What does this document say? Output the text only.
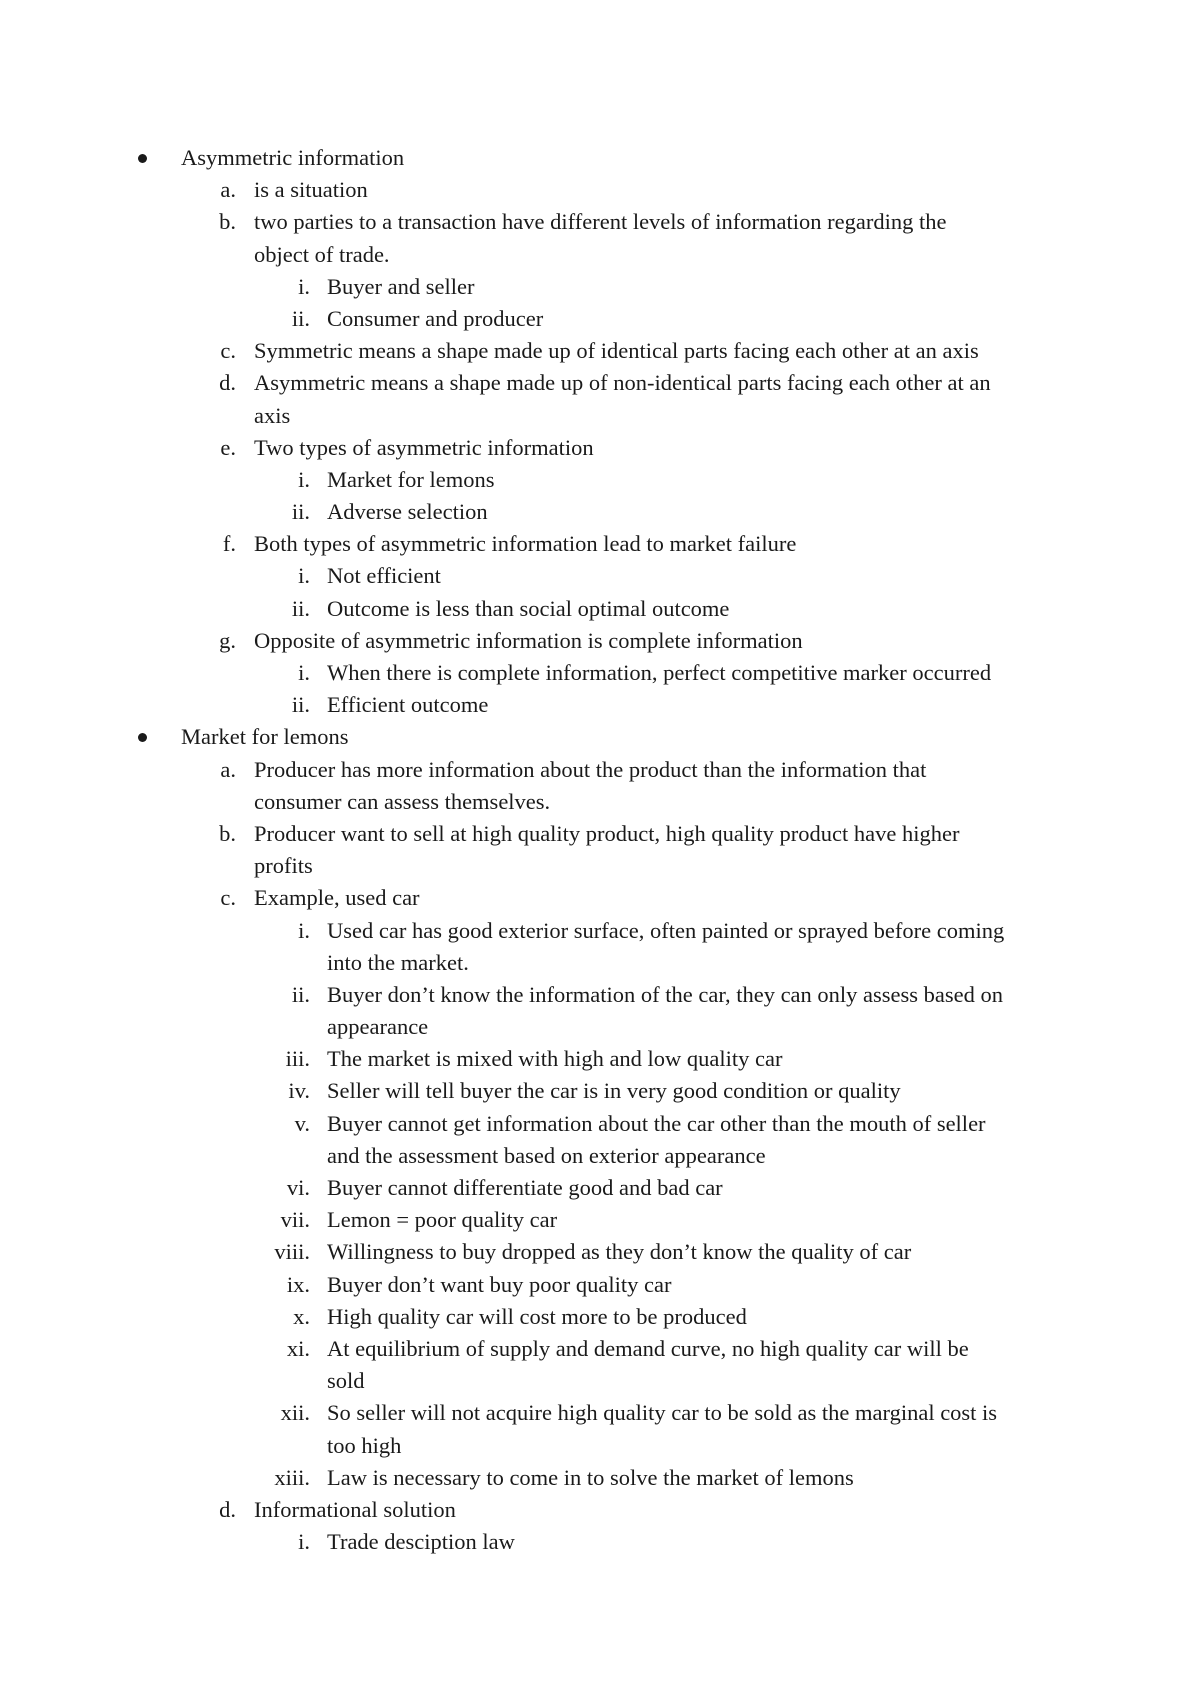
Asymmetric information
a. is a situation
b. two parties to a transaction have different levels of information regarding the
object of trade.
i. Buyer and seller
ii. Consumer and producer
c. Symmetric means a shape made up of identical parts facing each other at an axis
d. Asymmetric means a shape made up of non-identical parts facing each other at an
axis
e. Two types of asymmetric information
i. Market for lemons
ii. Adverse selection
f. Both types of asymmetric information lead to market failure
i. Not efficient
ii. Outcome is less than social optimal outcome
g. Opposite of asymmetric information is complete information
i. When there is complete information, perfect competitive marker occurred
ii. Efficient outcome
Market for lemons
a. Producer has more information about the product than the information that
consumer can assess themselves.
b. Producer want to sell at high quality product, high quality product have higher
profits
c. Example, used car
i. Used car has good exterior surface, often painted or sprayed before coming
into the market.
ii. Buyer don’t know the information of the car, they can only assess based on
appearance
iii. The market is mixed with high and low quality car
iv. Seller will tell buyer the car is in very good condition or quality
v. Buyer cannot get information about the car other than the mouth of seller
and the assessment based on exterior appearance
vi. Buyer cannot differentiate good and bad car
vii. Lemon = poor quality car
viii. Willingness to buy dropped as they don’t know the quality of car
ix. Buyer don’t want buy poor quality car
x. High quality car will cost more to be produced
xi. At equilibrium of supply and demand curve, no high quality car will be
sold
xii. So seller will not acquire high quality car to be sold as the marginal cost is
too high
xiii. Law is necessary to come in to solve the market of lemons
d. Informational solution
i. Trade desciption law
